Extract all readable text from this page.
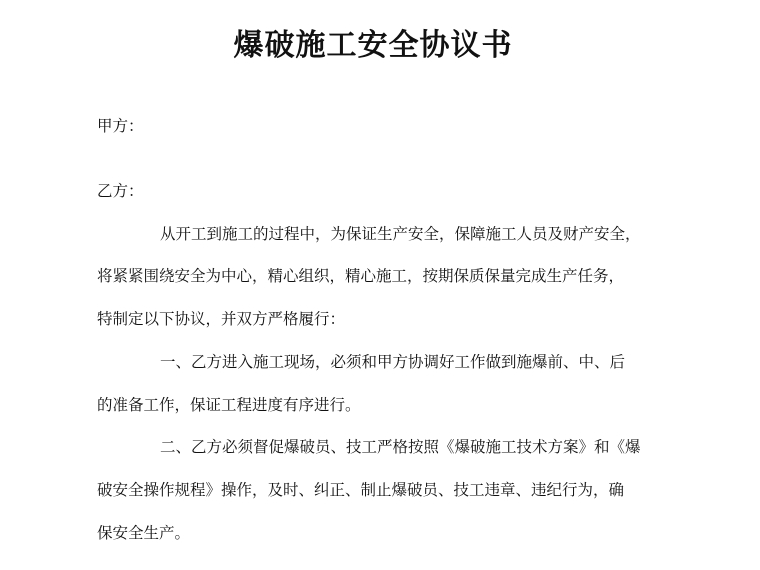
爆破施工安全协议书
甲方：
乙方：
从开工到施工的过程中，为保证生产安全，保障施工人员及财产安全，
将紧紧围绕安全为中心，精心组织，精心施工，按期保质保量完成生产任务，
特制定以下协议，并双方严格履行：
一、乙方进入施工现场，必须和甲方协调好工作做到施爆前、中、后
的准备工作，保证工程进度有序进行。
二、乙方必须督促爆破员、技工严格按照《爆破施工技术方案》和《爆
破安全操作规程》操作，及时、纠正、制止爆破员、技工违章、违纪行为，确
保安全生产。
